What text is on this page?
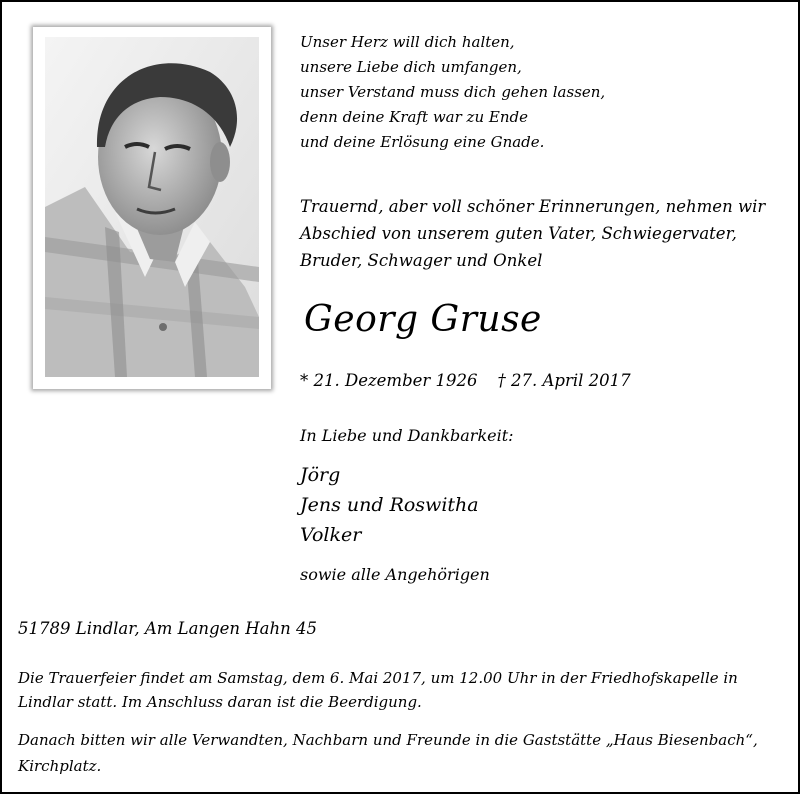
Unser Herz will dich halten,
unsere Liebe dich umfangen,
unser Verstand muss dich gehen lassen,
denn deine Kraft war zu Ende
und deine Erlösung eine Gnade.
Trauernd, aber voll schöner Erinnerungen, nehmen wir
Abschied von unserem guten Vater, Schwiegervater,
Bruder, Schwager und Onkel
Georg Gruse
* 21. Dezember 1926 † 27. April 2017
In Liebe und Dankbarkeit:
Jörg
Jens und Roswitha
Volker
sowie alle Angehörigen
51789 Lindlar, Am Langen Hahn 45
Die Trauerfeier findet am Samstag, dem 6. Mai 2017, um 12.00 Uhr in der Friedhofskapelle in Lindlar statt. Im Anschluss daran ist die Beerdigung.
Danach bitten wir alle Verwandten, Nachbarn und Freunde in die Gaststätte „Haus Biesenbach“, Kirchplatz.
